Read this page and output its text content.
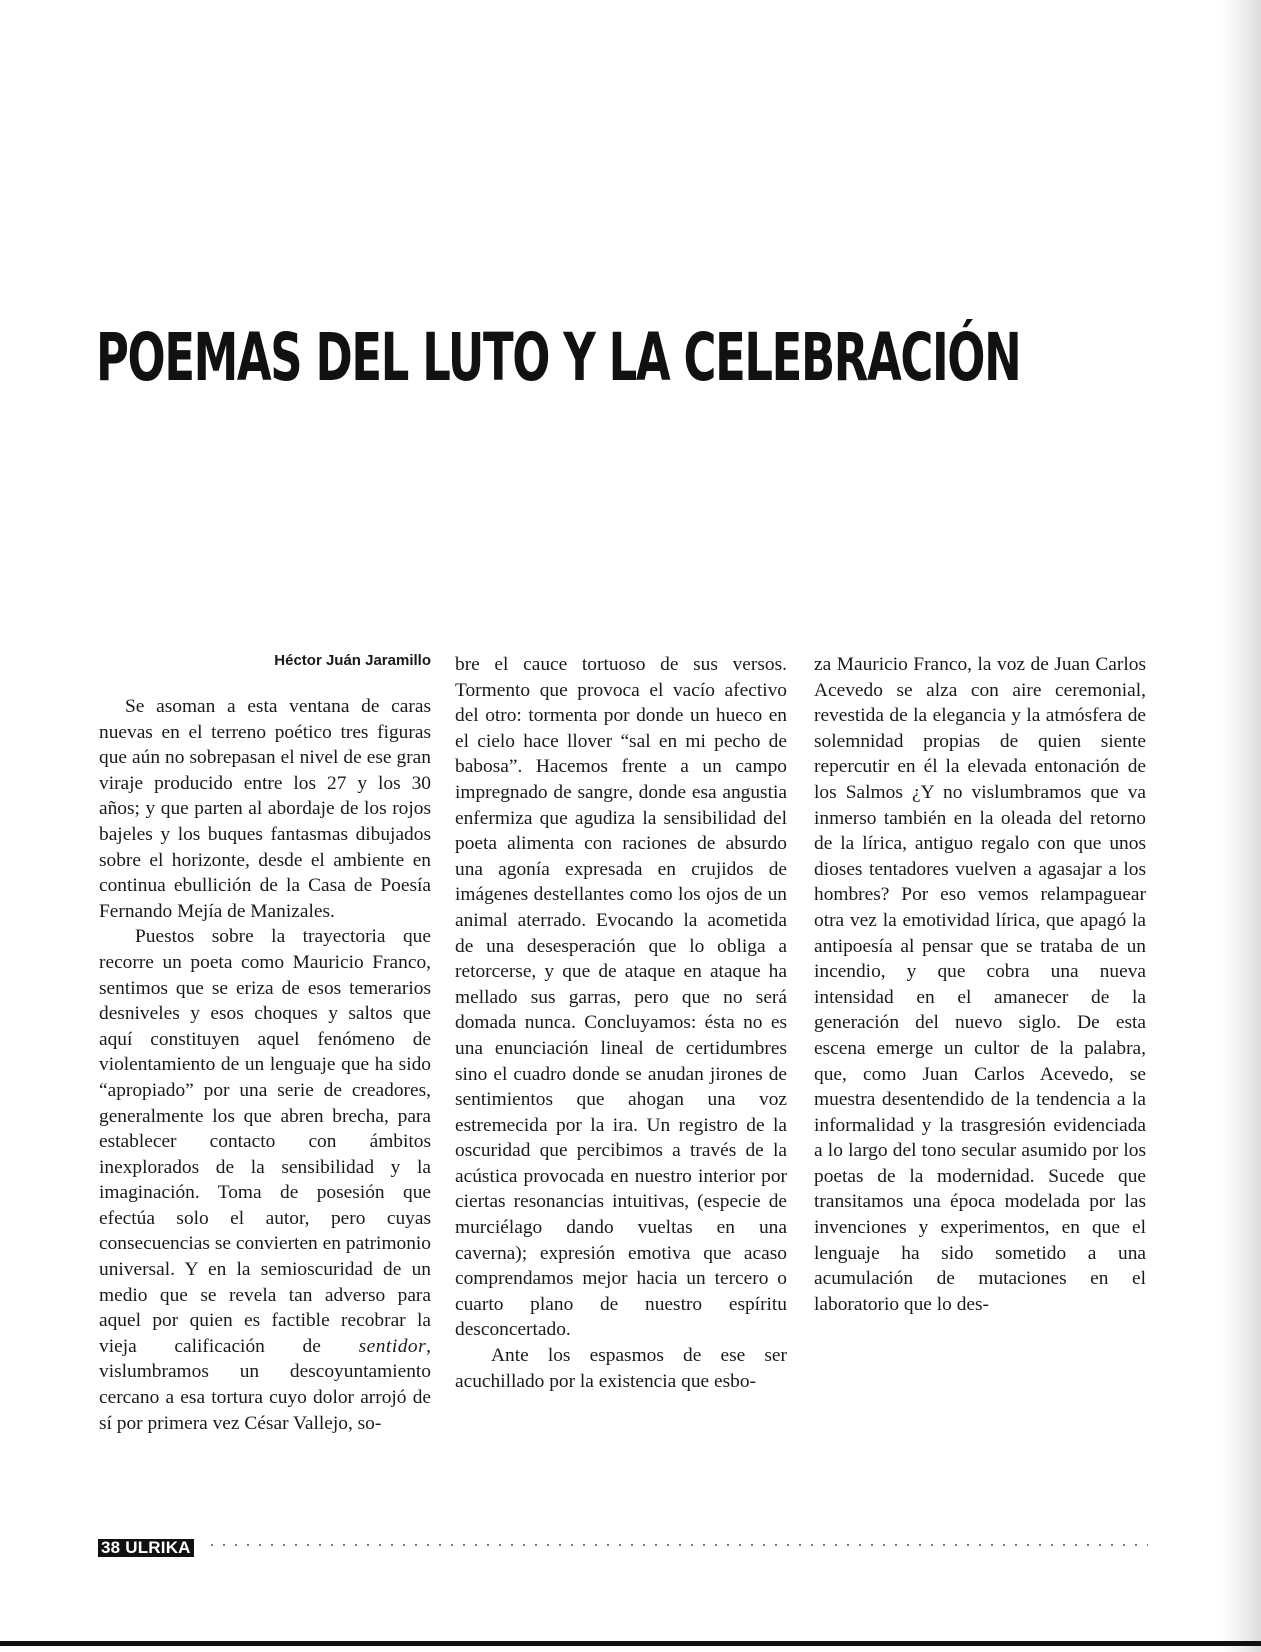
POEMAS DEL LUTO Y LA CELEBRACIÓN
Héctor Juán Jaramillo

Se asoman a esta ventana de caras nuevas en el terreno poético tres figuras que aún no sobrepasan el nivel de ese gran viraje producido entre los 27 y los 30 años; y que parten al abordaje de los rojos bajeles y los buques fantasmas dibujados sobre el horizonte, desde el ambiente en continua ebullición de la Casa de Poesía Fernando Mejía de Manizales.

Puestos sobre la trayectoria que recorre un poeta como Mauricio Franco, sentimos que se eriza de esos temerarios desniveles y esos choques y saltos que aquí constituyen aquel fenómeno de violentamiento de un lenguaje que ha sido “apropiado” por una serie de creadores, generalmente los que abren brecha, para establecer contacto con ámbitos inexplorados de la sensibilidad y la imaginación. Toma de posesión que efectúa solo el autor, pero cuyas consecuencias se convierten en patrimonio universal. Y en la semioscuridad de un medio que se revela tan adverso para aquel por quien es factible recobrar la vieja calificación de sentidor, vislumbramos un descoyuntamiento cercano a esa tortura cuyo dolor arrojó de sí por primera vez César Vallejo, so-

bre el cauce tortuoso de sus versos. Tormento que provoca el vacío afectivo del otro: tormenta por donde un hueco en el cielo hace llover “sal en mi pecho de babosa”. Hacemos frente a un campo impregnado de sangre, donde esa angustia enfermiza que agudiza la sensibilidad del poeta alimenta con raciones de absurdo una agonía expresada en crujidos de imágenes destellantes como los ojos de un animal aterrado. Evocando la acometida de una desesperación que lo obliga a retorcerse, y que de ataque en ataque ha mellado sus garras, pero que no será domada nunca. Concluyamos: ésta no es una enunciación lineal de certidumbres sino el cuadro donde se anudan jirones de sentimientos que ahogan una voz estremecida por la ira. Un registro de la oscuridad que percibimos a través de la acústica provocada en nuestro interior por ciertas resonancias intuitivas, (especie de murciélago dando vueltas en una caverna); expresión emotiva que acaso comprendamos mejor hacia un tercero o cuarto plano de nuestro espíritu desconcertado.

Ante los espasmos de ese ser acuchillado por la existencia que esbo-

za Mauricio Franco, la voz de Juan Carlos Acevedo se alza con aire ceremonial, revestida de la elegancia y la atmósfera de solemnidad propias de quien siente repercutir en él la elevada entonación de los Salmos ¿Y no vislumbramos que va inmerso también en la oleada del retorno de la lírica, antiguo regalo con que unos dioses tentadores vuelven a agasajar a los hombres? Por eso vemos relampaguear otra vez la emotividad lírica, que apagó la antipoesía al pensar que se trataba de un incendio, y que cobra una nueva intensidad en el amanecer de la generación del nuevo siglo. De esta escena emerge un cultor de la palabra, que, como Juan Carlos Acevedo, se muestra desentendido de la tendencia a la informalidad y la trasgresión evidenciada a lo largo del tono secular asumido por los poetas de la modernidad. Sucede que transitamos una época modelada por las invenciones y experimentos, en que el lenguaje ha sido sometido a una acumulación de mutaciones en el laboratorio que lo des-

38 ULRIKA
